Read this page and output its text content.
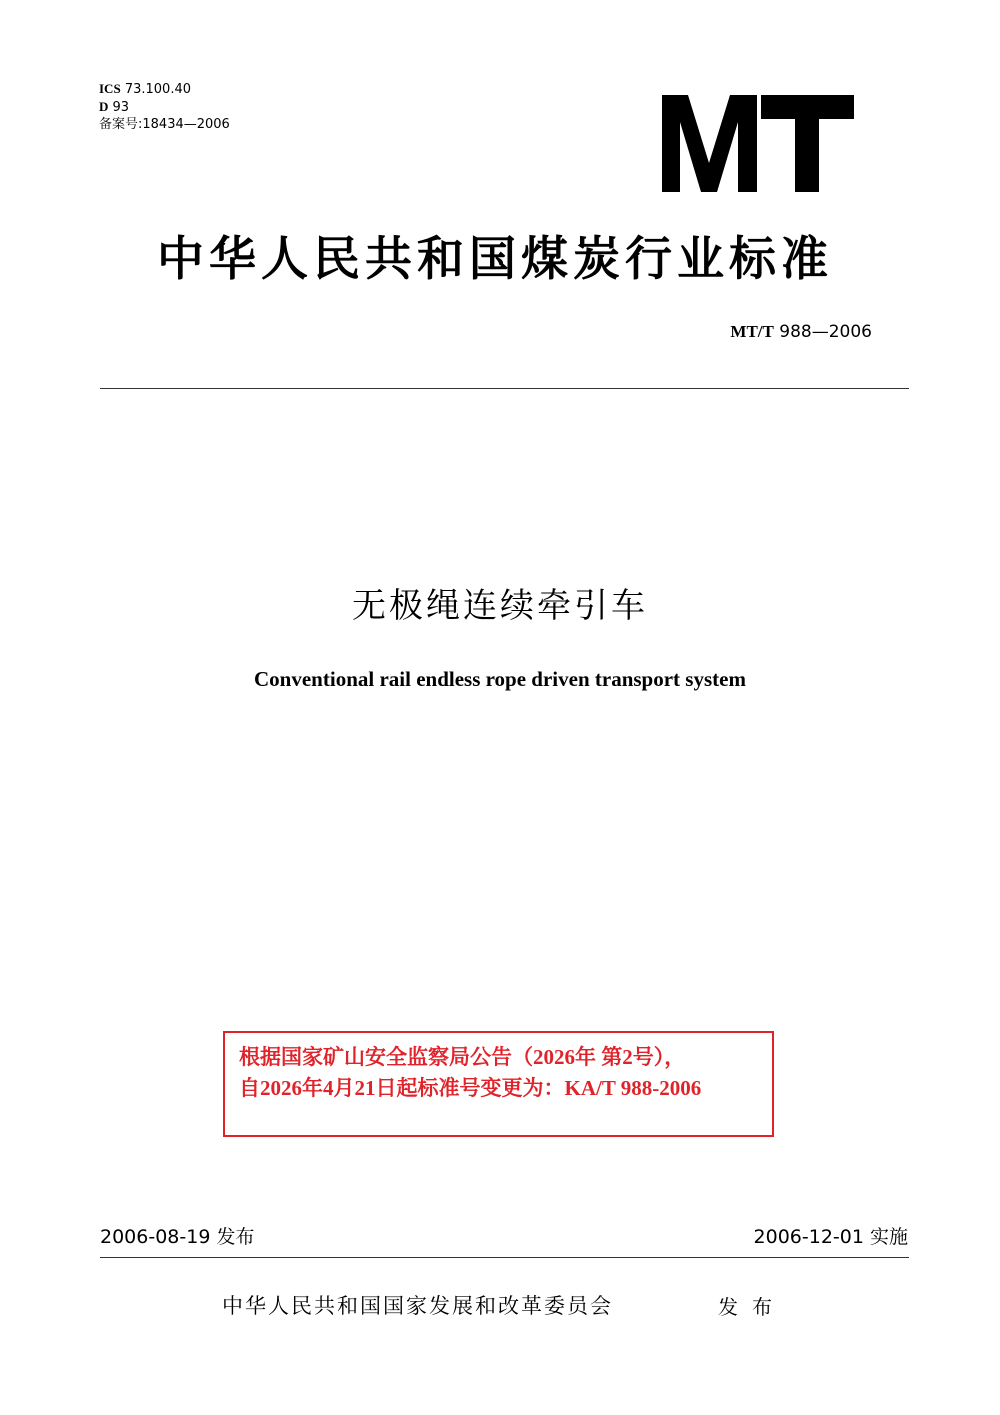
ICS 73.100.40
D 93
备案号:18434—2006
中华人民共和国煤炭行业标准
MT/T 988—2006
无极绳连续牵引车
Conventional rail endless rope driven transport system
根据国家矿山安全监察局公告（2026年 第2号），
自2026年4月21日起标准号变更为：KA/T 988-2006
2006-08-19 发布	2006-12-01 实施
中华人民共和国国家发展和改革委员会	发布
